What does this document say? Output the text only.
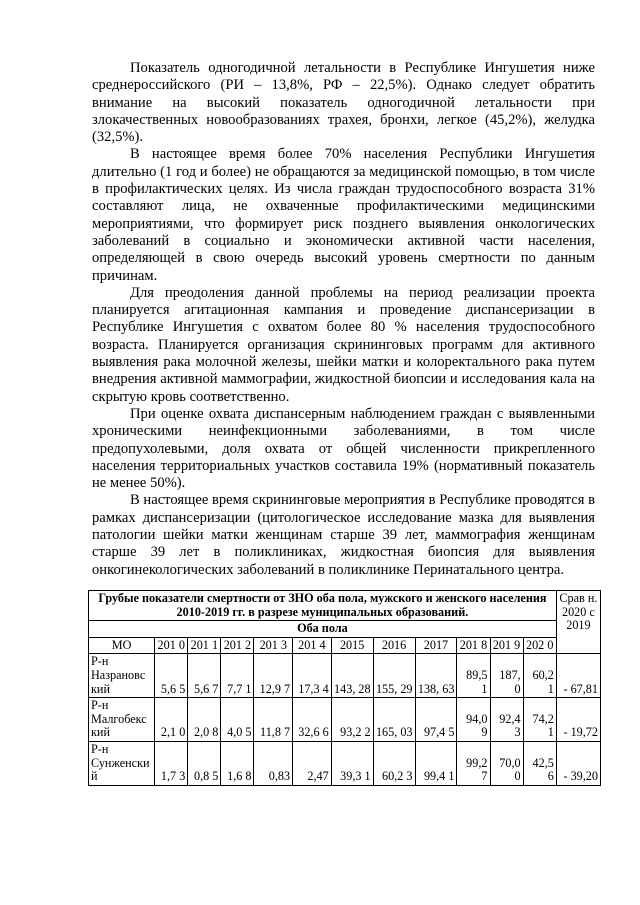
Показатель одногодичной летальности в Республике Ингушетия ниже среднероссийского (РИ – 13,8%, РФ – 22,5%). Однако следует обратить внимание на высокий показатель одногодичной летальности при злокачественных новообразованиях трахея, бронхи, легкое (45,2%), желудка (32,5%).

В настоящее время более 70% населения Республики Ингушетия длительно (1 год и болеe) не обращаются за медицинской помощью, в том числе в профилактических целях. Из числа граждан трудоспособного возраста 31% составляют лица, не охваченные профилактическими медицинскими мероприятиями, что формирует риск позднего выявления онкологических заболеваний в социально и экономически активной части населения, определяющей в свою очередь высокий уровень смертности по данным причинам.

Для преодоления данной проблемы на период реализации проекта планируется агитационная кампания и проведение диспансеризации в Республике Ингушетия с охватом более 80 % населения трудоспособного возраста. Планируется организация скрининговых программ для активного выявления рака молочной железы, шейки матки и колоректального рака путем внедрения активной маммографии, жидкостной биопсии и исследования кала на скрытую кровь соответственно.

При оценке охвата диспансерным наблюдением граждан с выявленными хроническими неинфекционными заболеваниями, в том числе предопухолевыми, доля охвата от общей численности прикрепленного населения территориальных участков составила 19% (нормативный показатель не менее 50%).

В настоящее время скрининговые мероприятия в Республике проводятся в рамках диспансеризации (цитологическое исследование мазка для выявления патологии шейки матки женщинам старше 39 лет, маммография женщинам старше 39 лет в поликлиниках, жидкостная биопсия для выявления онкогинекологических заболеваний в поликлинике Перинатального центра.

Грубые показатели смертности от ЗНО оба пола, мужского и женского населения 2010-2019 гг. в разрезе муниципальных образований.												Срав н. 2020 с 2019
Оба пола												
МО	201 0	201 1	201 2	201 3	201 4	2015	2016	2017	201 8	201 9	202 0	
Р-н Назрановс кий	5,6 5	5,6 7	7,7 1	12,9 7	17,3 4	143, 28	155, 29	138, 63	89,5 1	187, 0	60,2 1	- 67,81
Р-н Малгобекс кий	2,1 0	2,0 8	4,0 5	11,8 7	32,6 6	93,2 2	165, 03	97,4 5	94,0 9	92,4 3	74,2 1	- 19,72
Р-н Сунженски й	1,7 3	0,8 5	1,6 8	0,83	2,47	39,3 1	60,2 3	99,4 1	99,2 7	70,0 0	42,5 6	- 39,20
